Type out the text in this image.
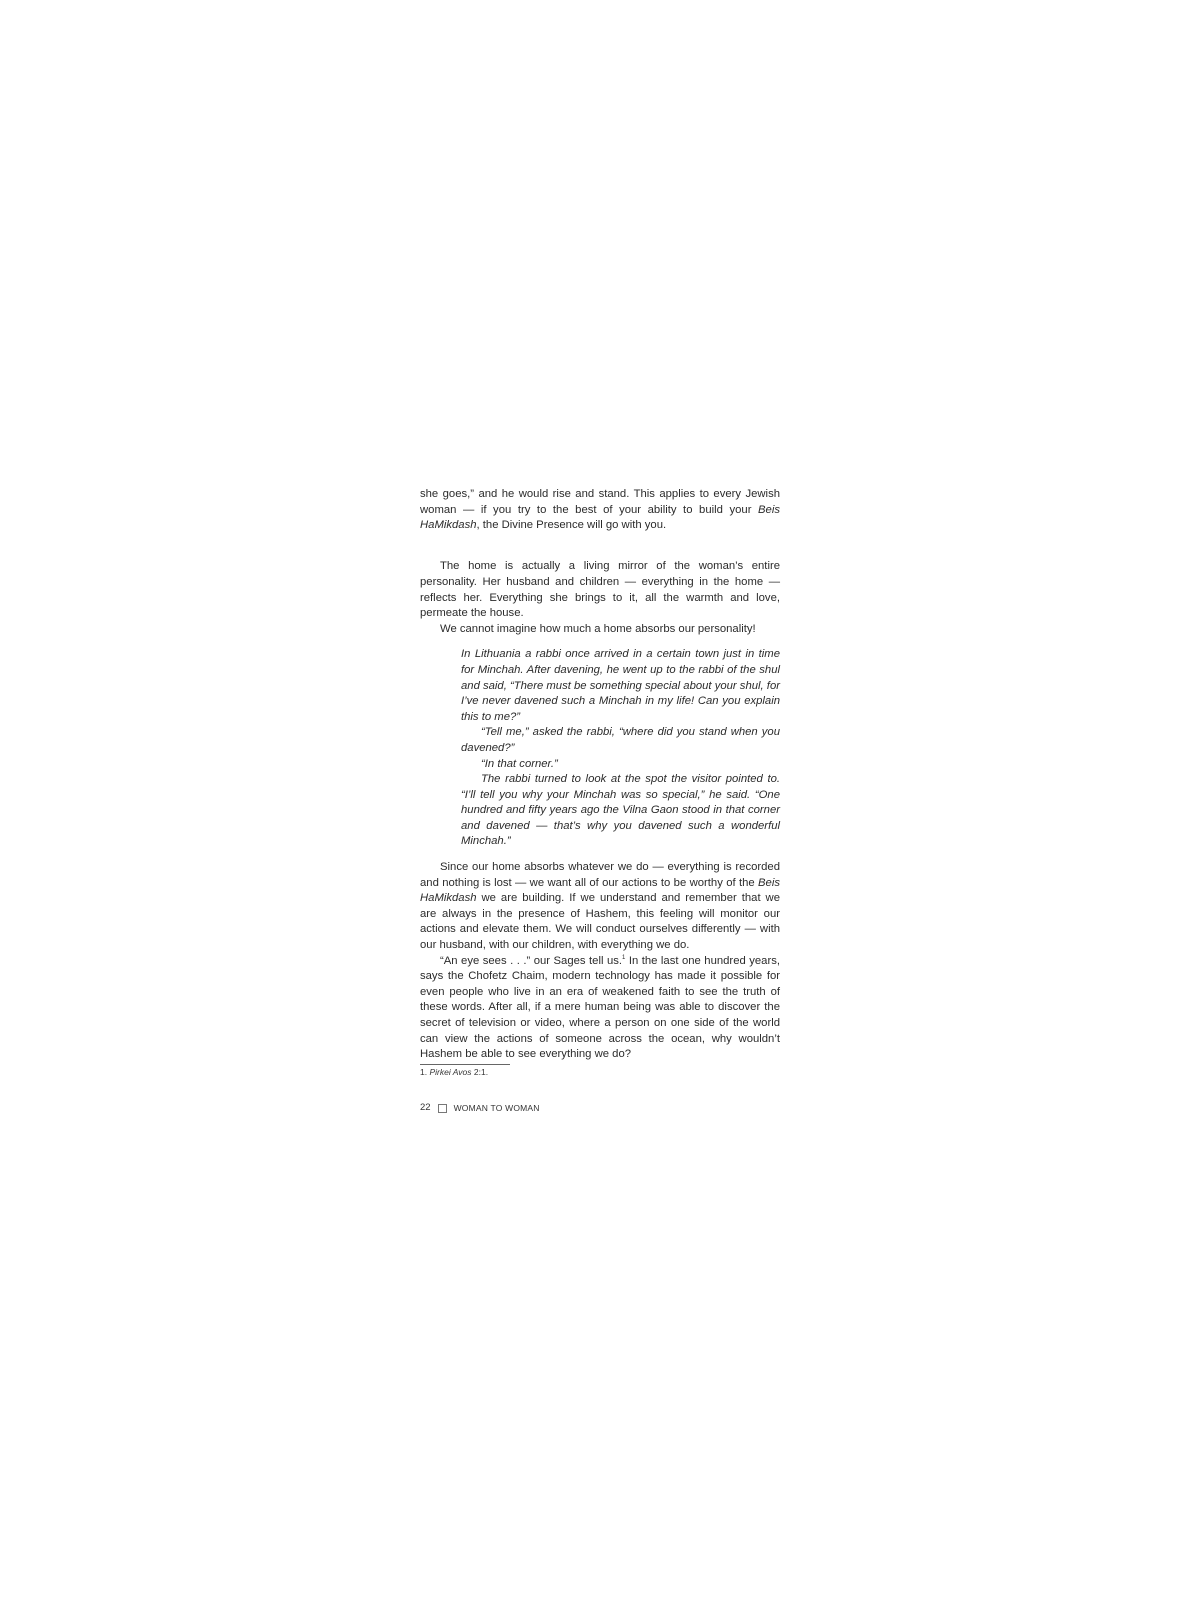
she goes,” and he would rise and stand. This applies to every Jewish woman — if you try to the best of your ability to build your Beis HaMikdash, the Divine Presence will go with you.

The home is actually a living mirror of the woman’s entire personality. Her husband and children — everything in the home — reflects her. Everything she brings to it, all the warmth and love, permeate the house.

We cannot imagine how much a home absorbs our personality!

In Lithuania a rabbi once arrived in a certain town just in time for Minchah. After davening, he went up to the rabbi of the shul and said, “There must be something special about your shul, for I’ve never davened such a Minchah in my life! Can you explain this to me?”

“Tell me,” asked the rabbi, “where did you stand when you davened?”

“In that corner.”

The rabbi turned to look at the spot the visitor pointed to. “I’ll tell you why your Minchah was so special,” he said. “One hundred and fifty years ago the Vilna Gaon stood in that corner and davened — that’s why you davened such a wonderful Minchah.”

Since our home absorbs whatever we do — everything is recorded and nothing is lost — we want all of our actions to be worthy of the Beis HaMikdash we are building. If we understand and remember that we are always in the presence of Hashem, this feeling will monitor our actions and elevate them. We will conduct ourselves differently — with our husband, with our children, with everything we do.

“An eye sees . . .” our Sages tell us.$^1$ In the last one hundred years, says the Chofetz Chaim, modern technology has made it possible for even people who live in an era of weakened faith to see the truth of these words. After all, if a mere human being was able to discover the secret of television or video, where a person on one side of the world can view the actions of someone across the ocean, why wouldn’t Hashem be able to see everything we do?

1. Pirkei Avos 2:1.
22	WOMAN TO WOMAN
